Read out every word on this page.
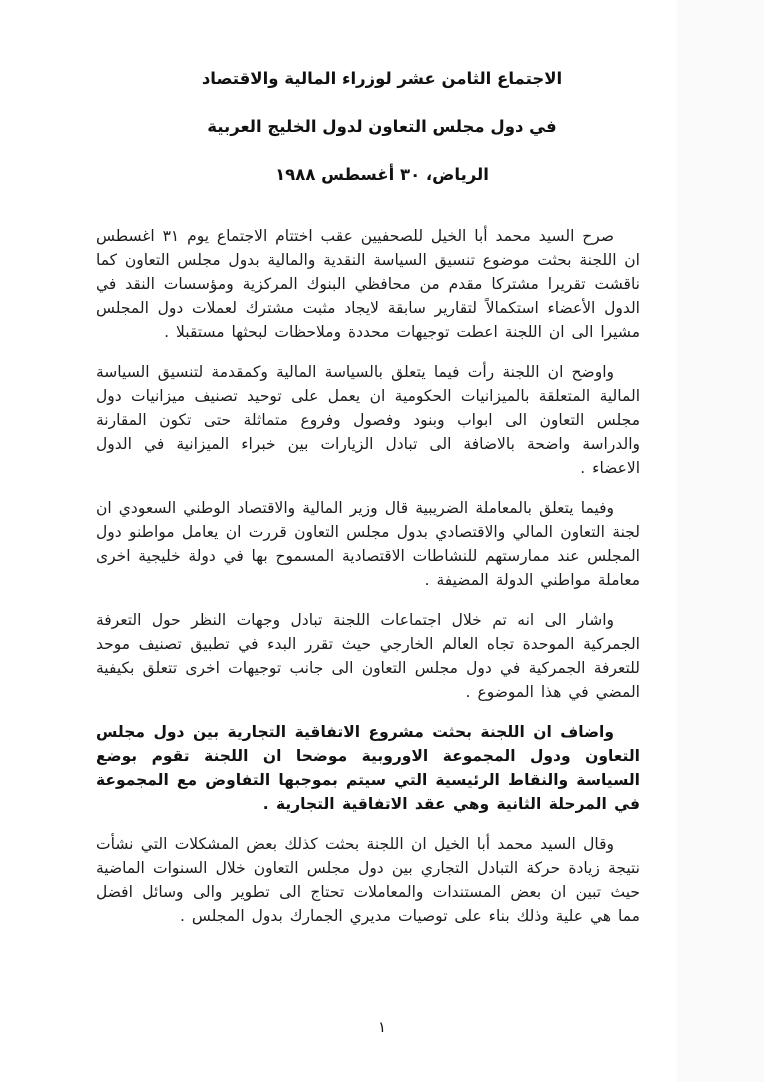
الاجتماع الثامن عشر لوزراء المالية والاقتصاد
في دول مجلس التعاون لدول الخليج العربية
الرياض، ٣٠ أغسطس ١٩٨٨

صرح السيد محمد أبا الخيل للصحفيين عقب اختتام الاجتماع يوم ٣١ اغسطس ان اللجنة بحثت موضوع تنسيق السياسة النقدية والمالية بدول مجلس التعاون كما ناقشت تقريرا مشتركا مقدم من محافظي البنوك المركزية ومؤسسات النقد في الدول الأعضاء استكمالاً لتقارير سابقة لايجاد مثبت مشترك لعملات دول المجلس مشيرا الى ان اللجنة اعطت توجيهات محددة وملاحظات لبحثها مستقبلا .

واوضح ان اللجنة رأت فيما يتعلق بالسياسة المالية وكمقدمة لتنسيق السياسة المالية المتعلقة بالميزانيات الحكومية ان يعمل على توحيد تصنيف ميزانيات دول مجلس التعاون الى ابواب وبنود وفصول وفروع متماثلة حتى تكون المقارنة والدراسة واضحة بالاضافة الى تبادل الزيارات بين خبراء الميزانية في الدول الاعضاء .

وفيما يتعلق بالمعاملة الضريبية قال وزير المالية والاقتصاد الوطني السعودي ان لجنة التعاون المالي والاقتصادي بدول مجلس التعاون قررت ان يعامل مواطنو دول المجلس عند ممارستهم للنشاطات الاقتصادية المسموح بها في دولة خليجية اخرى معاملة مواطني الدولة المضيفة .

واشار الى انه تم خلال اجتماعات اللجنة تبادل وجهات النظر حول التعرفة الجمركية الموحدة تجاه العالم الخارجي حيث تقرر البدء في تطبيق تصنيف موحد للتعرفة الجمركية في دول مجلس التعاون الى جانب توجيهات اخرى تتعلق بكيفية المضي في هذا الموضوع .

واضاف ان اللجنة بحثت مشروع الاتفاقية التجارية بين دول مجلس التعاون ودول المجموعة الاوروبية موضحا ان اللجنة تقوم بوضع السياسة والنقاط الرئيسية التي سيتم بموجبها التفاوض مع المجموعة في المرحلة الثانية وهي عقد الاتفاقية التجارية .

وقال السيد محمد أبا الخيل ان اللجنة بحثت كذلك بعض المشكلات التي نشأت نتيجة زيادة حركة التبادل التجاري بين دول مجلس التعاون خلال السنوات الماضية حيث تبين ان بعض المستندات والمعاملات تحتاج الى تطوير والى وسائل افضل مما هي علية وذلك بناء على توصيات مديري الجمارك بدول المجلس .

١
